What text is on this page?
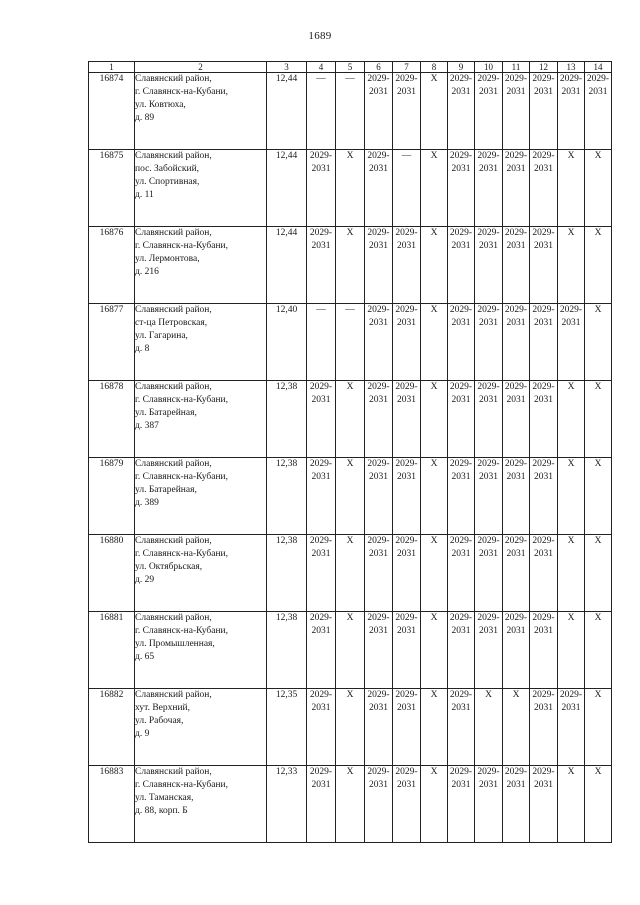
1689
1	2	3	4	5	6	7	8	9	10	11	12	13	14
16874	Славянский район,
г. Славянск-на-Кубани,
ул. Ковтюха,
д. 89	12,44	—	—	2029-
2031	2029-
2031	X	2029-
2031	2029-
2031	2029-
2031	2029-
2031	2029-
2031	2029-
2031
16875	Славянский район,
пос. Забойский,
ул. Спортивная,
д. 11	12,44	2029-
2031	X	2029-
2031	—	X	2029-
2031	2029-
2031	2029-
2031	2029-
2031	X	X
16876	Славянский район,
г. Славянск-на-Кубани,
ул. Лермонтова,
д. 216	12,44	2029-
2031	X	2029-
2031	2029-
2031	X	2029-
2031	2029-
2031	2029-
2031	2029-
2031	X	X
16877	Славянский район,
ст-ца Петровская,
ул. Гагарина,
д. 8	12,40	—	—	2029-
2031	2029-
2031	X	2029-
2031	2029-
2031	2029-
2031	2029-
2031	2029-
2031	X
16878	Славянский район,
г. Славянск-на-Кубани,
ул. Батарейная,
д. 387	12,38	2029-
2031	X	2029-
2031	2029-
2031	X	2029-
2031	2029-
2031	2029-
2031	2029-
2031	X	X
16879	Славянский район,
г. Славянск-на-Кубани,
ул. Батарейная,
д. 389	12,38	2029-
2031	X	2029-
2031	2029-
2031	X	2029-
2031	2029-
2031	2029-
2031	2029-
2031	X	X
16880	Славянский район,
г. Славянск-на-Кубани,
ул. Октябрьская,
д. 29	12,38	2029-
2031	X	2029-
2031	2029-
2031	X	2029-
2031	2029-
2031	2029-
2031	2029-
2031	X	X
16881	Славянский район,
г. Славянск-на-Кубани,
ул. Промышленная,
д. 65	12,38	2029-
2031	X	2029-
2031	2029-
2031	X	2029-
2031	2029-
2031	2029-
2031	2029-
2031	X	X
16882	Славянский район,
хут. Верхний,
ул. Рабочая,
д. 9	12,35	2029-
2031	X	2029-
2031	2029-
2031	X	2029-
2031	X	X	2029-
2031	2029-
2031	X
16883	Славянский район,
г. Славянск-на-Кубани,
ул. Таманская,
д. 88, корп. Б	12,33	2029-
2031	X	2029-
2031	2029-
2031	X	2029-
2031	2029-
2031	2029-
2031	2029-
2031	X	X
